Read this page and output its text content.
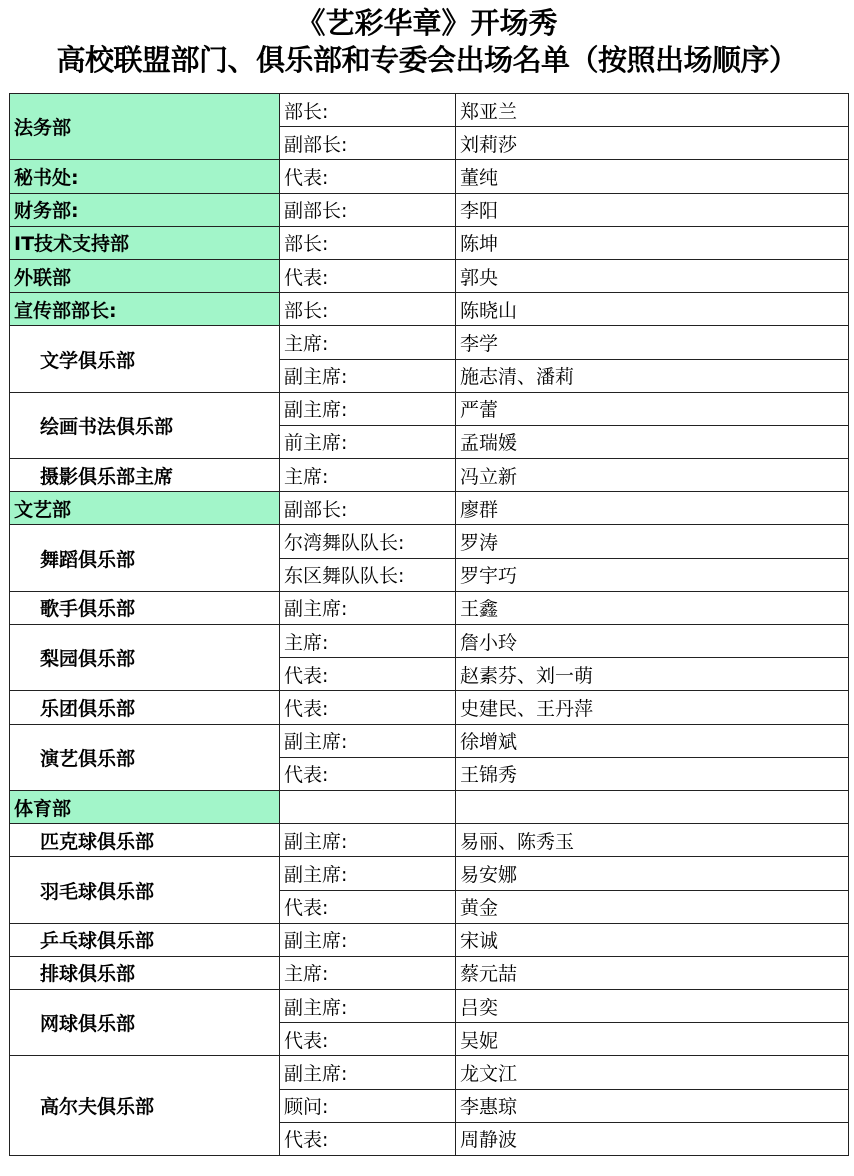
《艺彩华章》开场秀
高校联盟部门、俱乐部和专委会出场名单（按照出场顺序）
法务部	部长:	郑亚兰
	副部长:	刘莉莎
秘书处:	代表:	董纯
财务部:	副部长:	李阳
IT技术支持部	部长:	陈坤
外联部	代表:	郭央
宣传部部长:	部长:	陈晓山
文学俱乐部	主席:	李学
	副主席:	施志清、潘莉
绘画书法俱乐部	副主席:	严蕾
	前主席:	孟瑞媛
摄影俱乐部主席	主席:	冯立新
文艺部	副部长:	廖群
舞蹈俱乐部	尔湾舞队队长:	罗涛
	东区舞队队长:	罗宇巧
歌手俱乐部	副主席:	王鑫
梨园俱乐部	主席:	詹小玲
	代表:	赵素芬、刘一萌
乐团俱乐部	代表:	史建民、王丹萍
演艺俱乐部	副主席:	徐增斌
	代表:	王锦秀
体育部		
匹克球俱乐部	副主席:	易丽、陈秀玉
羽毛球俱乐部	副主席:	易安娜
	代表:	黄金
乒乓球俱乐部	副主席:	宋诚
排球俱乐部	主席:	蔡元喆
网球俱乐部	副主席:	吕奕
	代表:	吴妮
高尔夫俱乐部	副主席:	龙文江
	顾问:	李惠琼
	代表:	周静波
